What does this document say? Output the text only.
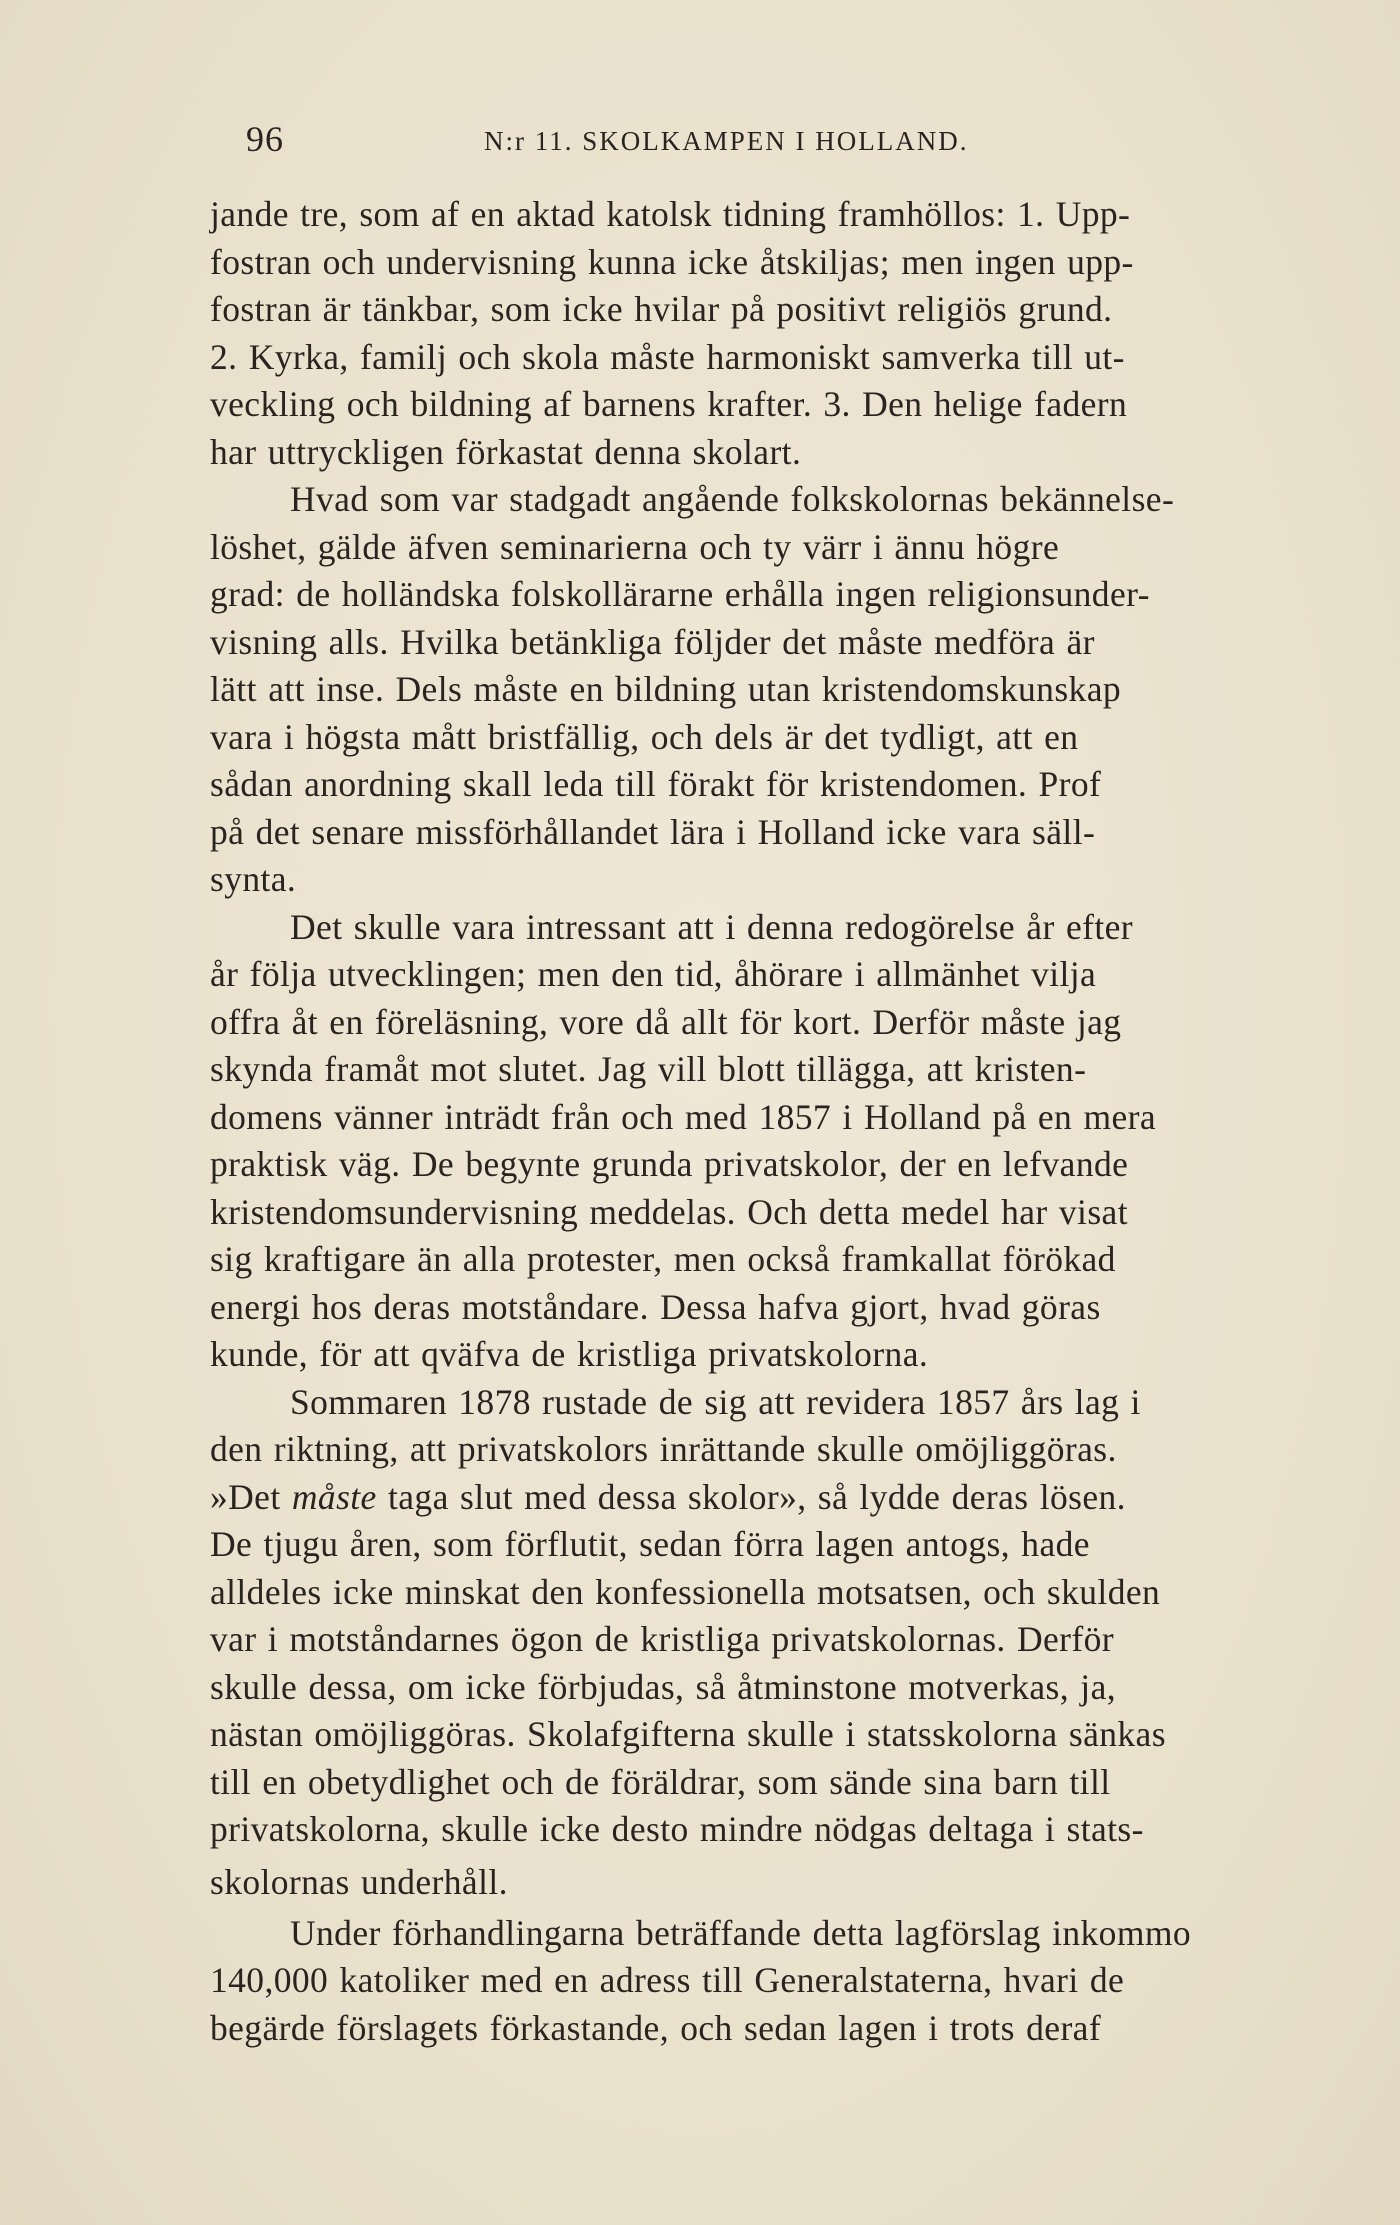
96	N:r 11. SKOLKAMPEN I HOLLAND.
jande tre, som af en aktad katolsk tidning framhöllos: 1. Upp-
fostran och undervisning kunna icke åtskiljas; men ingen upp-
fostran är tänkbar, som icke hvilar på positivt religiös grund.
2. Kyrka, familj och skola måste harmoniskt samverka till ut-
veckling och bildning af barnens krafter. 3. Den helige fadern
har uttryckligen förkastat denna skolart.
Hvad som var stadgadt angående folkskolornas bekännelse-
löshet, gälde äfven seminarierna och ty värr i ännu högre
grad: de holländska folskollärarne erhålla ingen religionsunder-
visning alls. Hvilka betänkliga följder det måste medföra är
lätt att inse. Dels måste en bildning utan kristendomskunskap
vara i högsta mått bristfällig, och dels är det tydligt, att en
sådan anordning skall leda till förakt för kristendomen. Prof
på det senare missförhållandet lära i Holland icke vara säll-
synta.
Det skulle vara intressant att i denna redogörelse år efter
år följa utvecklingen; men den tid, åhörare i allmänhet vilja
offra åt en föreläsning, vore då allt för kort. Derför måste jag
skynda framåt mot slutet. Jag vill blott tillägga, att kristen-
domens vänner inträdt från och med 1857 i Holland på en mera
praktisk väg. De begynte grunda privatskolor, der en lefvande
kristendomsundervisning meddelas. Och detta medel har visat
sig kraftigare än alla protester, men också framkallat förökad
energi hos deras motståndare. Dessa hafva gjort, hvad göras
kunde, för att qväfva de kristliga privatskolorna.
Sommaren 1878 rustade de sig att revidera 1857 års lag i
den riktning, att privatskolors inrättande skulle omöjliggöras.
»Det måste taga slut med dessa skolor», så lydde deras lösen.
De tjugu åren, som förflutit, sedan förra lagen antogs, hade
alldeles icke minskat den konfessionella motsatsen, och skulden
var i motståndarnes ögon de kristliga privatskolornas. Derför
skulle dessa, om icke förbjudas, så åtminstone motverkas, ja,
nästan omöjliggöras. Skolafgifterna skulle i statsskolorna sänkas
till en obetydlighet och de föräldrar, som sände sina barn till
privatskolorna, skulle icke desto mindre nödgas deltaga i stats-
skolornas underhåll.
Under förhandlingarna beträffande detta lagförslag inkommo
140,000 katoliker med en adress till Generalstaterna, hvari de
begärde förslagets förkastande, och sedan lagen i trots deraf
